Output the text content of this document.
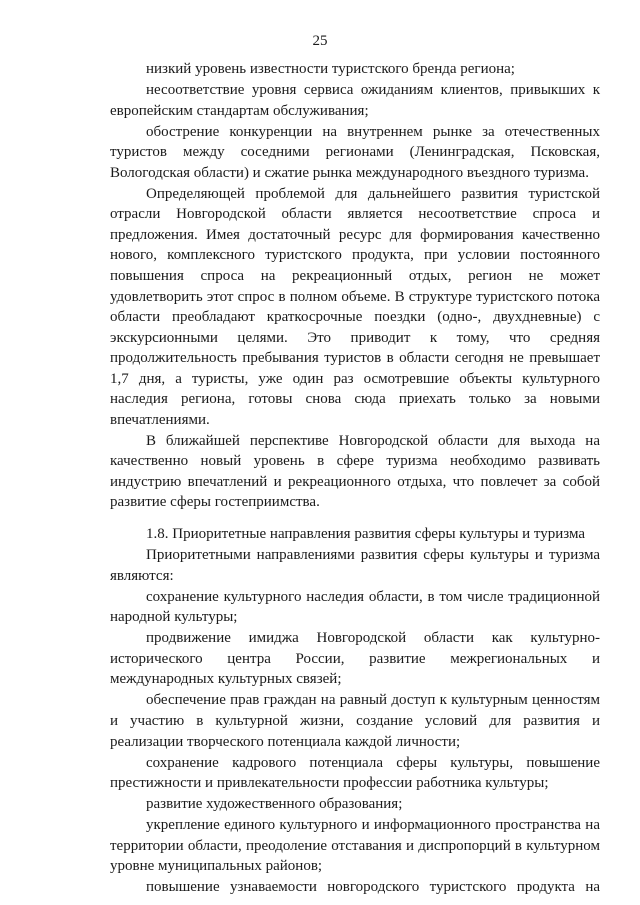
25

низкий уровень известности туристского бренда региона;

несоответствие уровня сервиса ожиданиям клиентов, привыкших к европейским стандартам обслуживания;

обострение конкуренции на внутреннем рынке за отечественных туристов между соседними регионами (Ленинградская, Псковская, Вологодская области) и сжатие рынка международного въездного туризма.

Определяющей проблемой для дальнейшего развития туристской отрасли Новгородской области является несоответствие спроса и предложения. Имея достаточный ресурс для формирования качественно нового, комплексного туристского продукта, при условии постоянного повышения спроса на рекреационный отдых, регион не может удовлетворить этот спрос в полном объеме. В структуре туристского потока области преобладают краткосрочные поездки (одно-, двухдневные) с экскурсионными целями. Это приводит к тому, что средняя продолжительность пребывания туристов в области сегодня не превышает 1,7 дня, а туристы, уже один раз осмотревшие объекты культурного наследия региона, готовы снова сюда приехать только за новыми впечатлениями.

В ближайшей перспективе Новгородской области для выхода на качественно новый уровень в сфере туризма необходимо развивать индустрию впечатлений и рекреационного отдыха, что повлечет за собой развитие сферы гостеприимства.

1.8. Приоритетные направления развития сферы культуры и туризма

Приоритетными направлениями развития сферы культуры и туризма являются:

сохранение культурного наследия области, в том числе традиционной народной культуры;

продвижение имиджа Новгородской области как культурно-исторического центра России, развитие межрегиональных и международных культурных связей;

обеспечение прав граждан на равный доступ к культурным ценностям и участию в культурной жизни, создание условий для развития и реализации творческого потенциала каждой личности;

сохранение кадрового потенциала сферы культуры, повышение престижности и привлекательности профессии работника культуры;

развитие художественного образования;

укрепление единого культурного и информационного пространства на территории области, преодоление отставания и диспропорций в культурном уровне муниципальных районов;

повышение узнаваемости новгородского туристского продукта на
